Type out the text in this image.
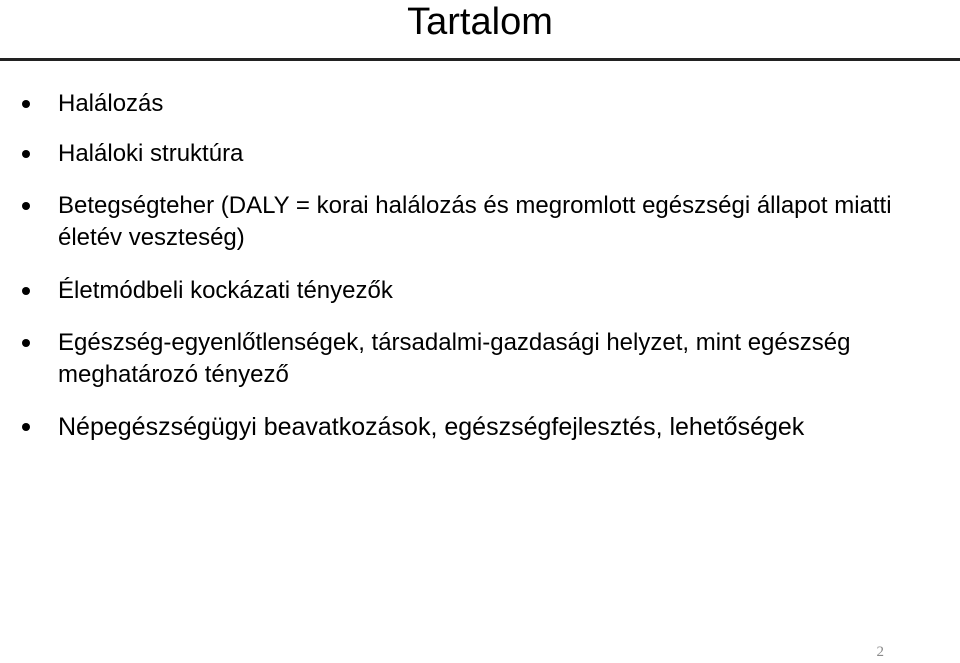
Tartalom
Halálozás
Haláloki struktúra
Betegségteher (DALY = korai halálozás és megromlott egészségi állapot miatti életév veszteség)
Életmódbeli kockázati tényezők
Egészség-egyenlőtlenségek, társadalmi-gazdasági helyzet, mint egészség meghatározó tényező
Népegészségügyi beavatkozások, egészségfejlesztés, lehetőségek
2
